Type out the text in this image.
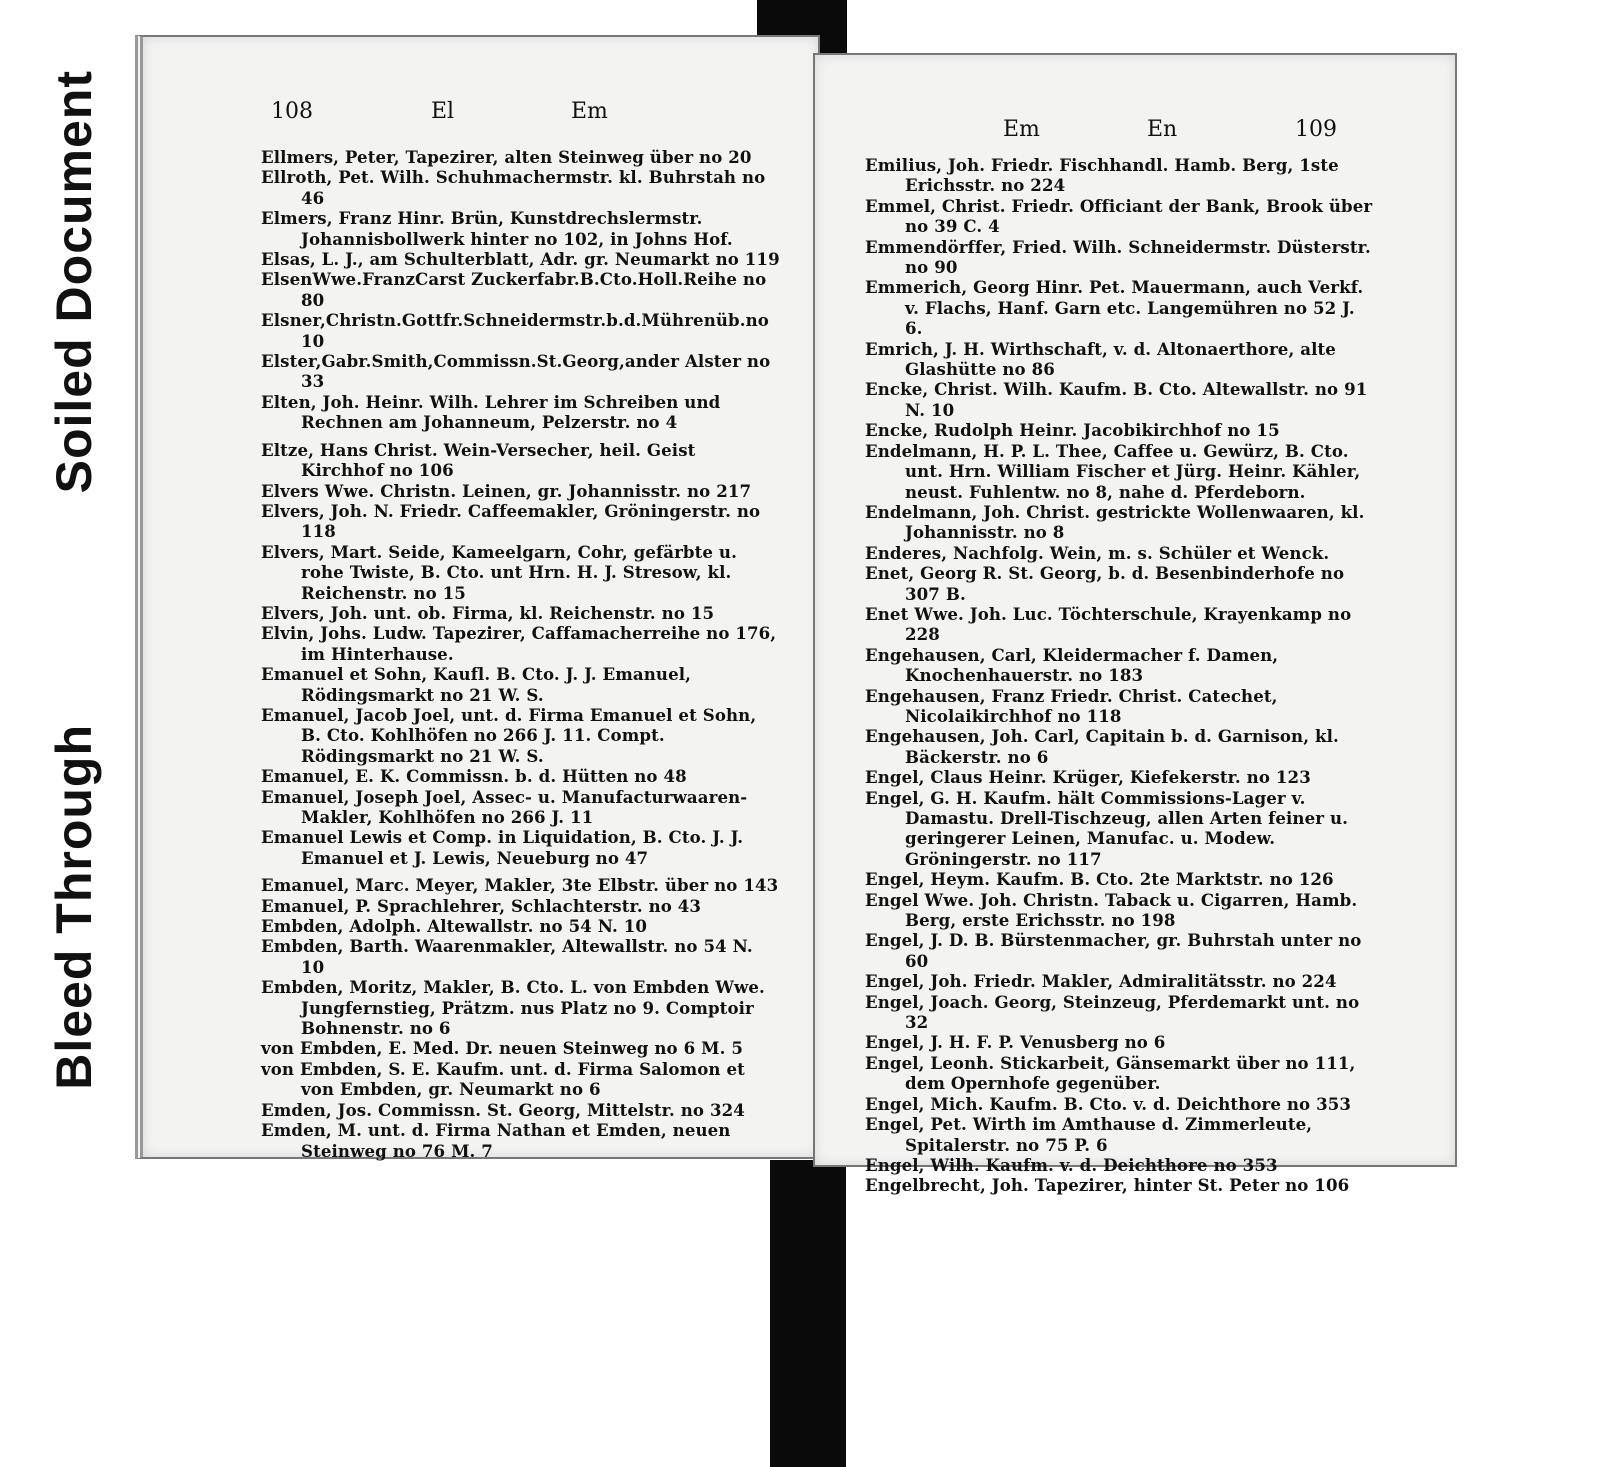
Soiled Document
Bleed Through
108	El	Em

Ellmers, Peter, Tapezirer, alten Steinweg über no 20

Ellroth, Pet. Wilh. Schuhmachermstr. kl. Buhrstah no 46

Elmers, Franz Hinr. Brün, Kunstdrechslermstr. Johannisbollwerk hinter no 102, in Johns Hof.

Elsas, L. J., am Schulterblatt, Adr. gr. Neumarkt no 119

ElsenWwe.FranzCarst Zuckerfabr.B.Cto.Holl.Reihe no 80

Elsner,Christn.Gottfr.Schneidermstr.b.d.Mührenüb.no 10

Elster,Gabr.Smith,Commissn.St.Georg,ander Alster no 33

Elten, Joh. Heinr. Wilh. Lehrer im Schreiben und Rechnen am Johanneum, Pelzerstr. no 4

Eltze, Hans Christ. Wein-Versecher, heil. Geist Kirchhof no 106

Elvers Wwe. Christn. Leinen, gr. Johannisstr. no 217

Elvers, Joh. N. Friedr. Caffeemakler, Gröningerstr. no 118

Elvers, Mart. Seide, Kameelgarn, Cohr, gefärbte u. rohe Twiste, B. Cto. unt Hrn. H. J. Stresow, kl. Reichenstr. no 15

Elvers, Joh. unt. ob. Firma, kl. Reichenstr. no 15

Elvin, Johs. Ludw. Tapezirer, Caffamacherreihe no 176, im Hinterhause.

Emanuel et Sohn, Kaufl. B. Cto. J. J. Emanuel, Rödingsmarkt no 21 W. S.

Emanuel, Jacob Joel, unt. d. Firma Emanuel et Sohn, B. Cto. Kohlhöfen no 266 J. 11. Compt. Rödingsmarkt no 21 W. S.

Emanuel, E. K. Commissn. b. d. Hütten no 48

Emanuel, Joseph Joel, Assec- u. Manufacturwaaren-Makler, Kohlhöfen no 266 J. 11

Emanuel Lewis et Comp. in Liquidation, B. Cto. J. J. Emanuel et J. Lewis, Neueburg no 47

Emanuel, Marc. Meyer, Makler, 3te Elbstr. über no 143

Emanuel, P. Sprachlehrer, Schlachterstr. no 43

Embden, Adolph. Altewallstr. no 54 N. 10

Embden, Barth. Waarenmakler, Altewallstr. no 54 N. 10

Embden, Moritz, Makler, B. Cto. L. von Embden Wwe. Jungfernstieg, Prätzm. nus Platz no 9. Comptoir Bohnenstr. no 6

von Embden, E. Med. Dr. neuen Steinweg no 6 M. 5

von Embden, S. E. Kaufm. unt. d. Firma Salomon et von Embden, gr. Neumarkt no 6

Emden, Jos. Commissn. St. Georg, Mittelstr. no 324

Emden, M. unt. d. Firma Nathan et Emden, neuen Steinweg no 76 M. 7

Em	En	109

Emilius, Joh. Friedr. Fischhandl. Hamb. Berg, 1ste Erichsstr. no 224

Emmel, Christ. Friedr. Officiant der Bank, Brook über no 39 C. 4

Emmendörffer, Fried. Wilh. Schneidermstr. Düsterstr. no 90

Emmerich, Georg Hinr. Pet. Mauermann, auch Verkf. v. Flachs, Hanf. Garn etc. Langemühren no 52 J. 6.

Emrich, J. H. Wirthschaft, v. d. Altonaerthore, alte Glashütte no 86

Encke, Christ. Wilh. Kaufm. B. Cto. Altewallstr. no 91 N. 10

Encke, Rudolph Heinr. Jacobikirchhof no 15

Endelmann, H. P. L. Thee, Caffee u. Gewürz, B. Cto. unt. Hrn. William Fischer et Jürg. Heinr. Kähler, neust. Fuhlentw. no 8, nahe d. Pferdeborn.

Endelmann, Joh. Christ. gestrickte Wollenwaaren, kl. Johannisstr. no 8

Enderes, Nachfolg. Wein, m. s. Schüler et Wenck.

Enet, Georg R. St. Georg, b. d. Besenbinderhofe no 307 B.

Enet Wwe. Joh. Luc. Töchterschule, Krayenkamp no 228

Engehausen, Carl, Kleidermacher f. Damen, Knochenhauerstr. no 183

Engehausen, Franz Friedr. Christ. Catechet, Nicolaikirchhof no 118

Engehausen, Joh. Carl, Capitain b. d. Garnison, kl. Bäckerstr. no 6

Engel, Claus Heinr. Krüger, Kiefekerstr. no 123

Engel, G. H. Kaufm. hält Commissions-Lager v. Damastu. Drell-Tischzeug, allen Arten feiner u. geringerer Leinen, Manufac. u. Modew. Gröningerstr. no 117

Engel, Heym. Kaufm. B. Cto. 2te Marktstr. no 126

Engel Wwe. Joh. Christn. Taback u. Cigarren, Hamb. Berg, erste Erichsstr. no 198

Engel, J. D. B. Bürstenmacher, gr. Buhrstah unter no 60

Engel, Joh. Friedr. Makler, Admiralitätsstr. no 224

Engel, Joach. Georg, Steinzeug, Pferdemarkt unt. no 32

Engel, J. H. F. P. Venusberg no 6

Engel, Leonh. Stickarbeit, Gänsemarkt über no 111, dem Opernhofe gegenüber.

Engel, Mich. Kaufm. B. Cto. v. d. Deichthore no 353

Engel, Pet. Wirth im Amthause d. Zimmerleute, Spitalerstr. no 75 P. 6

Engel, Wilh. Kaufm. v. d. Deichthore no 353

Engelbrecht, Joh. Tapezirer, hinter St. Peter no 106
